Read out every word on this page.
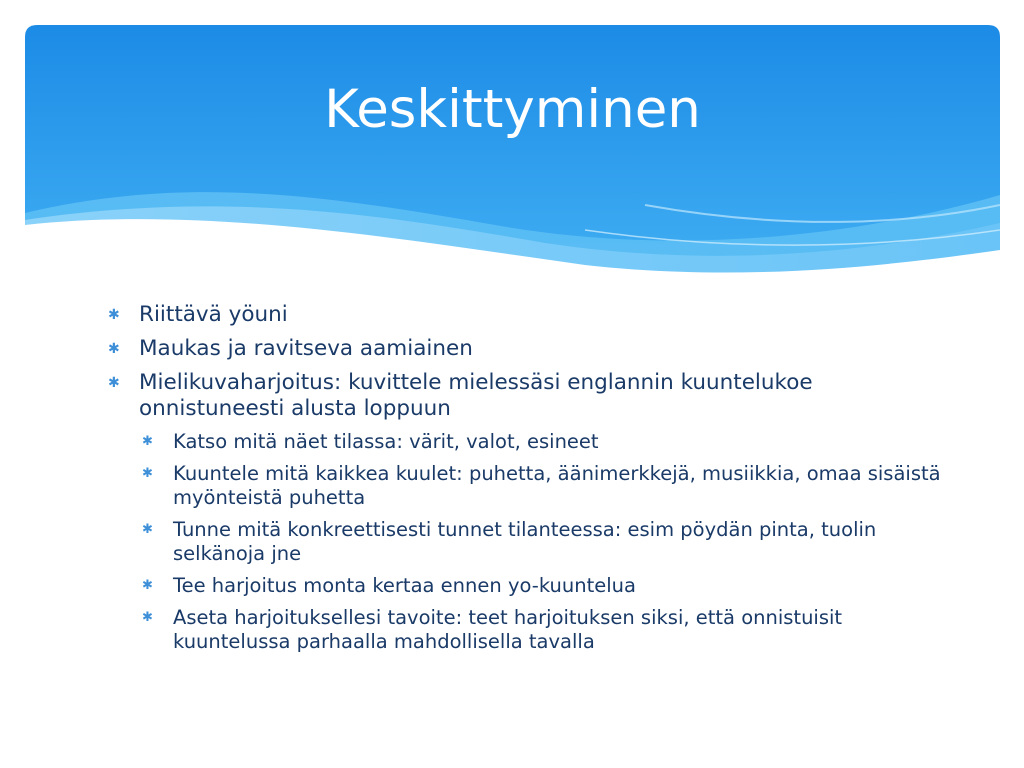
Keskittyminen
✱ Riittävä yöuni
✱ Maukas ja ravitseva aamiainen
✱ Mielikuvaharjoitus: kuvittele mielessäsi englannin kuuntelukoe onnistuneesti alusta loppuun
✱ Katso mitä näet tilassa: värit, valot, esineet
✱ Kuuntele mitä kaikkea kuulet: puhetta, äänimerkkejä, musiikkia, omaa sisäistä myönteistä puhetta
✱ Tunne mitä konkreettisesti tunnet tilanteessa: esim pöydän pinta, tuolin selkänoja jne
✱ Tee harjoitus monta kertaa ennen yo-kuuntelua
✱ Aseta harjoituksellesi tavoite: teet harjoituksen siksi, että onnistuisit kuuntelussa parhaalla mahdollisella tavalla
